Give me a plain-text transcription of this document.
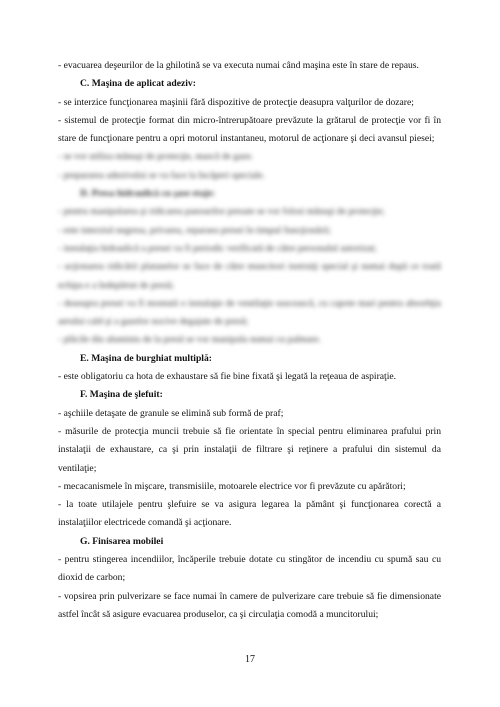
- evacuarea deşeurilor de la ghilotină se va executa numai când maşina este în stare de repaus.

C. Maşina de aplicat adeziv:

- se interzice funcţionarea maşinii fără dispozitive de protecţie deasupra valţurilor de dozare;

- sistemul de protecţie format din micro-întrerupătoare prevăzute la grătarul de protecţie vor fi în stare de funcţionare pentru a opri motorul instantaneu, motorul de acţionare şi deci avansul piesei;

- se vor utiliza mănuşi de protecţie, mască de gaze.

- prepararea adezivului se va face la încăperi speciale.

D. Presa hidraulică cu şase etaje:

- pentru manipularea şi ridicarea panourilor presate se vor folosi mănuşi de protecţie;

- este interzisă negresa, privarea, reparaea presei în timpul funcţionării;

- instalaţia hidraulică a presei va fi periodic verificată de către personalul autorizat;

- acţionarea ridicării platanelor se face de către muncitori instruiţi special şi numai după ce toată echipa e a îndepărtat de presă;

- deasupra presei va fi montată o instalaţie de ventilaţie suscească, cu capote mari pentru absorbţia aerului cald şi a gazelor nocive degajate de presă;

- plăcile din aluminiu de la presă se vor manipula numai cu palmare.

E. Maşina de burghiat multiplă:

- este obligatoriu ca hota de exhaustare să fie bine fixată şi legată la reţeaua de aspiraţie.

F. Maşina de şlefuit:

- aşchiile detaşate de granule se elimină sub formă de praf;

- măsurile de protecţia muncii trebuie să fie orientate în special pentru eliminarea prafului prin instalaţii de exhaustare, ca şi prin instalaţii de filtrare şi reţinere a prafului din sistemul da ventilaţie;

- mecacanismele în mişcare, transmisiile, motoarele electrice vor fi prevăzute cu apărători;

- la toate utilajele pentru şlefuire se va asigura legarea la pământ şi funcţionarea corectă a instalaţiilor electricede comandă şi acţionare.

G. Finisarea mobilei

- pentru stingerea incendiilor, încăperile trebuie dotate cu stingător de incendiu cu spumă sau cu dioxid de carbon;

- vopsirea prin pulverizare se face numai în camere de pulverizare care trebuie să fie dimensionate astfel încât să asigure evacuarea produselor, ca şi circulaţia comodă a muncitorului;

17
